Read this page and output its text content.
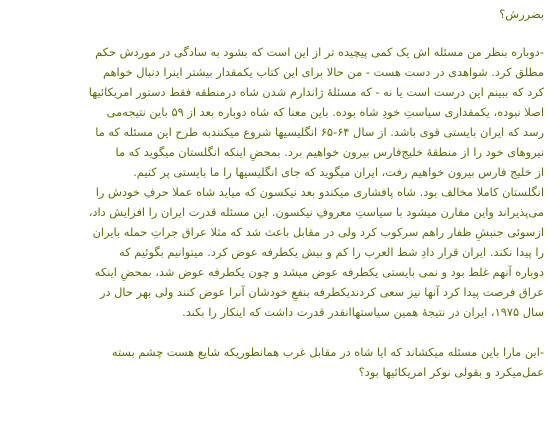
بضررش؟

-دوباره بنظر من مسئله اش یک کمی پیچیده تر از این است که بشود به سادگی در موردش حکم
مطلق کرد. شواهدی در دست هست - من حالا برای این کتاب یکمقدار بیشتر اینرا دنبال خواهم
کرد که ببینم این درست است یا نه - که مسئلهٔ ژاندارم شدن شاه درمنطقه فقط دستور امریکائیها
اصلا نبوده، یکمقداری سیاستِ خودِ شاه بوده. باین معنا که شاه دوباره بعد از ۵۹ باین نتیجه‌می
رسد که ایران بایستی قوی باشد. از سال ۶۴-۶۵ انگلیسیها شروع میکنندبه طرح این مسئله که ما
نیروهای خود را از منطقهٔ خلیج‌فارس بیرون خواهیم برد. بمحضِ اینکه انگلستان میگوید که ما
از خلیج فارس بیرون خواهیم رفت، ایران میگوید که جای انگلیسیها را ما بایستی پر کنیم.
انگلستان کاملا مخالف بود. شاه پافشاری میکندو بعد نیکسون که میاید شاه عملا حرفِ خودش را
می‌پذیراند واین مقارن میشود با سیاستِ معروفِ نیکسون. این مسئله قدرت ایران را افزایش داد،
ازسوئی جنبشِ ظفار راهم سرکوب کرد ولی در مقابل باعث شد که مثلا عراق جراتِ حمله بایران
را پیدا نکند. ایران قرار دادِ شط العرب را کم و بیش یکطرفه عوض کرد. میتوانیم بگوئیم که
دوباره آنهم غلط بود و نمی بایستی یکطرفه عوض میشد و چون یکطرفه عوض شد، بمحضِ اینکه
عراق فرصت پیدا کرد آنها نیز سعی کردندیکطرفه بنفعِ خودشان آنرا عوض کنند ولی بهر حال در
سال ۱۹۷۵، ایران در نتیجهٔ همین سیاستهاانقدر قدرت داشت که اینکار را بکند.

-این مارا باین مسئله میکشاند که ایا شاه در مقابل غرب همانطوریکه شایع هست چشم بسته
عمل‌میکرد و بقولی نوکر امریکائیها بود؟
